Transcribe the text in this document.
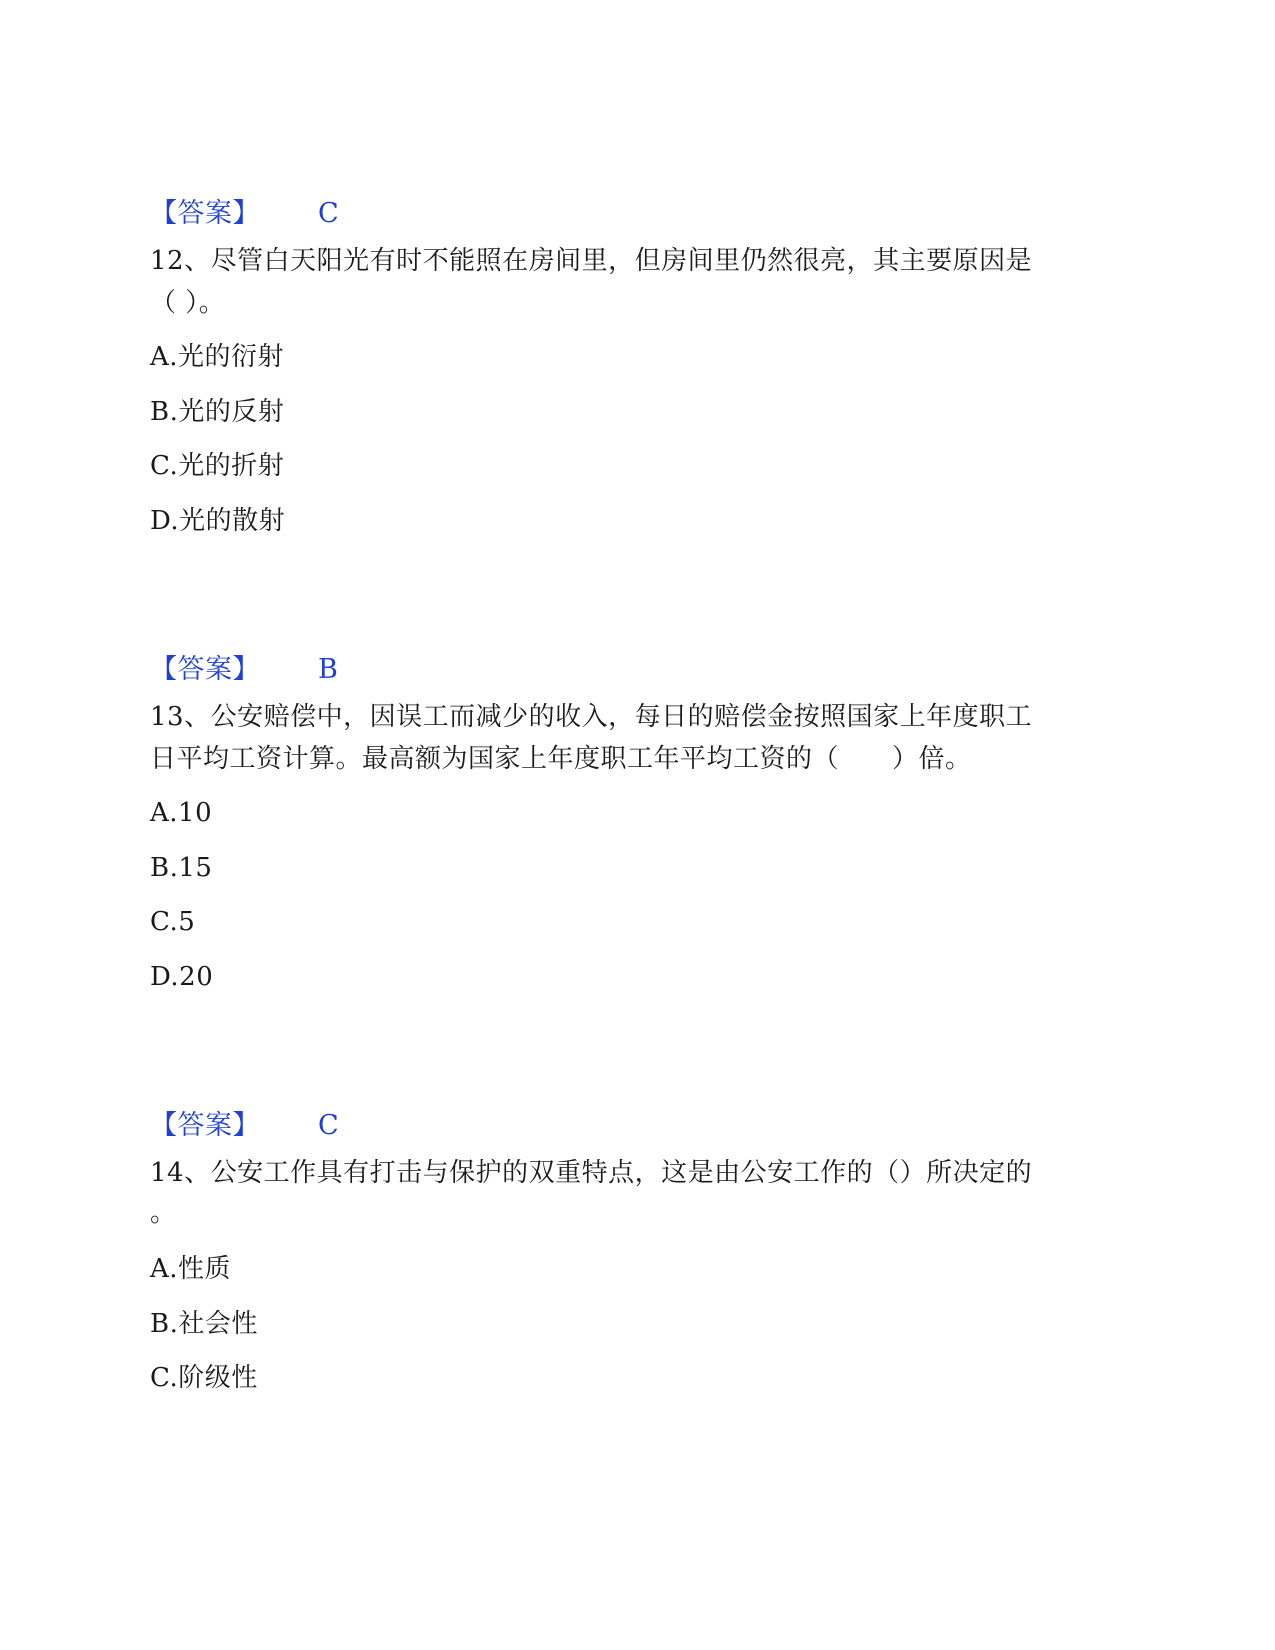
【答案】 C
12、尽管白天阳光有时不能照在房间里，但房间里仍然很亮，其主要原因是
（ ）。
A.光的衍射
B.光的反射
C.光的折射
D.光的散射
【答案】 B
13、公安赔偿中，因误工而减少的收入，每日的赔偿金按照国家上年度职工
日平均工资计算。最高额为国家上年度职工年平均工资的（　　）倍。
A.10
B.15
C.5
D.20
【答案】 C
14、公安工作具有打击与保护的双重特点，这是由公安工作的（）所决定的
。
A.性质
B.社会性
C.阶级性
